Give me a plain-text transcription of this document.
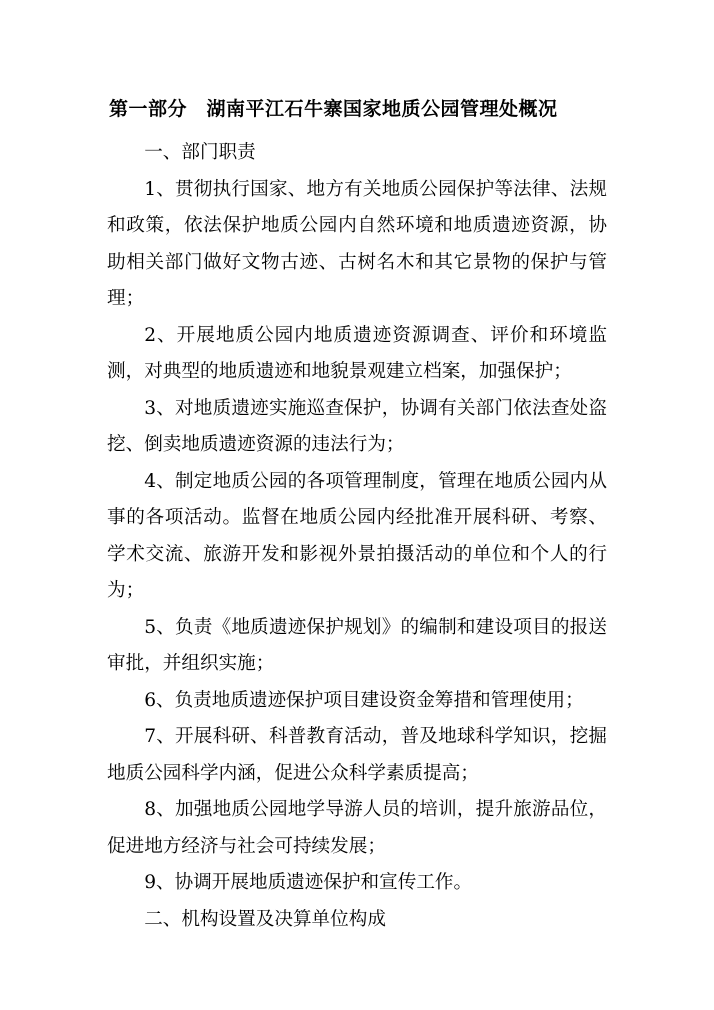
第一部分　湖南平江石牛寨国家地质公园管理处概况

一、部门职责

1、贯彻执行国家、地方有关地质公园保护等法律、法规和政策，依法保护地质公园内自然环境和地质遗迹资源，协助相关部门做好文物古迹、古树名木和其它景物的保护与管理；

2、开展地质公园内地质遗迹资源调查、评价和环境监测，对典型的地质遗迹和地貌景观建立档案，加强保护；

3、对地质遗迹实施巡查保护，协调有关部门依法查处盗挖、倒卖地质遗迹资源的违法行为；

4、制定地质公园的各项管理制度，管理在地质公园内从事的各项活动。监督在地质公园内经批准开展科研、考察、学术交流、旅游开发和影视外景拍摄活动的单位和个人的行为；

5、负责《地质遗迹保护规划》的编制和建设项目的报送审批，并组织实施；

6、负责地质遗迹保护项目建设资金筹措和管理使用；

7、开展科研、科普教育活动，普及地球科学知识，挖掘地质公园科学内涵，促进公众科学素质提高；

8、加强地质公园地学导游人员的培训，提升旅游品位，促进地方经济与社会可持续发展；

9、协调开展地质遗迹保护和宣传工作。

二、机构设置及决算单位构成
